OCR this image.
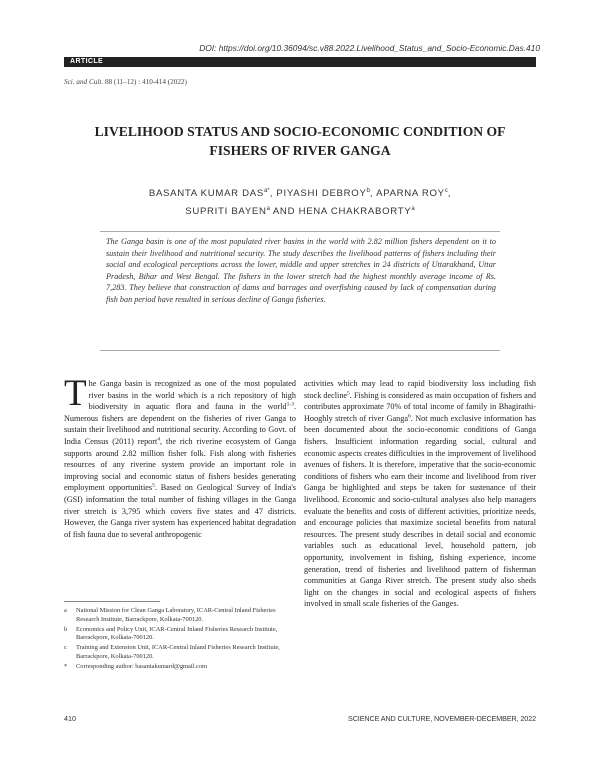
DOI: https://doi.org/10.36094/sc.v88.2022.Livelihood_Status_and_Socio-Economic.Das.410
ARTICLE
Sci. and Cult. 88 (11–12) : 410-414 (2022)
LIVELIHOOD STATUS AND SOCIO-ECONOMIC CONDITION OF
FISHERS OF RIVER GANGA
BASANTA KUMAR $DAS^{a*}$, PIYASHI DEBROY$^b$, APARNA ROY$^c$,
SUPRITI BAYEN$^a$ AND HENA CHAKRABORTY$^a$
The Ganga basin is one of the most populated river basins in the world with 2.82 million fishers dependent on it to sustain their livelihood and nutritional security. The study describes the livelihood patterns of fishers including their social and ecological perceptions across the lower, middle and upper stretches in 24 districts of Uttarakhand, Uttar Pradesh, Bihar and West Bengal. The fishers in the lower stretch had the highest monthly average income of Rs. 7,283. They believe that construction of dams and barrages and overfishing caused by lack of compensation during fish ban period have resulted in serious decline of Ganga fisheries.

The Ganga basin is recognized as one of the most populated river basins in the world which is a rich repository of high biodiversity in aquatic flora and fauna in the world$^{1-3}$. Numerous fishers are dependent on the fisheries of river Ganga to sustain their livelihood and nutritional security. According to Govt. of India Census (2011) report$^4$, the rich riverine ecosystem of Ganga supports around 2.82 million fisher folk. Fish along with fisheries resources of any riverine system provide an important role in improving social and economic status of fishers besides generating employment opportunities$^5$. Based on Geological Survey of India's (GSI) information the total number of fishing villages in the Ganga river stretch is 3,795 which covers five states and 47 districts. However, the Ganga river system has experienced habitat degradation of fish fauna due to several anthropogenic

activities which may lead to rapid biodiversity loss including fish stock decline$^5$. Fishing is considered as main occupation of fishers and contributes approximate 70% of total income of family in Bhagirathi-Hooghly stretch of river Ganga$^6$. Not much exclusive information has been documented about the socio-economic conditions of Ganga fishers. Insufficient information regarding social, cultural and economic aspects creates difficulties in the improvement of livelihood avenues of fishers. It is therefore, imperative that the socio-economic conditions of fishers who earn their income and livelihood from river Ganga be highlighted and steps be taken for sustenance of their livelihood. Economic and socio-cultural analyses also help managers evaluate the benefits and costs of different activities, prioritize needs, and encourage policies that maximize societal benefits from natural resources. The present study describes in detail social and economic variables such as educational level, household pattern, job opportunity, involvement in fishing, fishing experience, income generation, trend of fisheries and livelihood pattern of fisherman communities at Ganga River stretch. The present study also sheds light on the changes in social and ecological aspects of fishers involved in small scale fisheries of the Ganges.

a	National Mission for Clean Ganga Laboratory, ICAR-Central Inland Fisheries Research Institute, Barrackpore, Kolkata-700120.
b	Economics and Policy Unit, ICAR-Central Inland Fisheries Research Institute, Barrackpore, Kolkata-700120.
c	Training and Extension Unit, ICAR-Central Inland Fisheries Research Institute, Barrackpore, Kolkata-700120.
*	Corresponding author: basantakumard@gmail.com
410	SCIENCE AND CULTURE, NOVEMBER-DECEMBER, 2022
